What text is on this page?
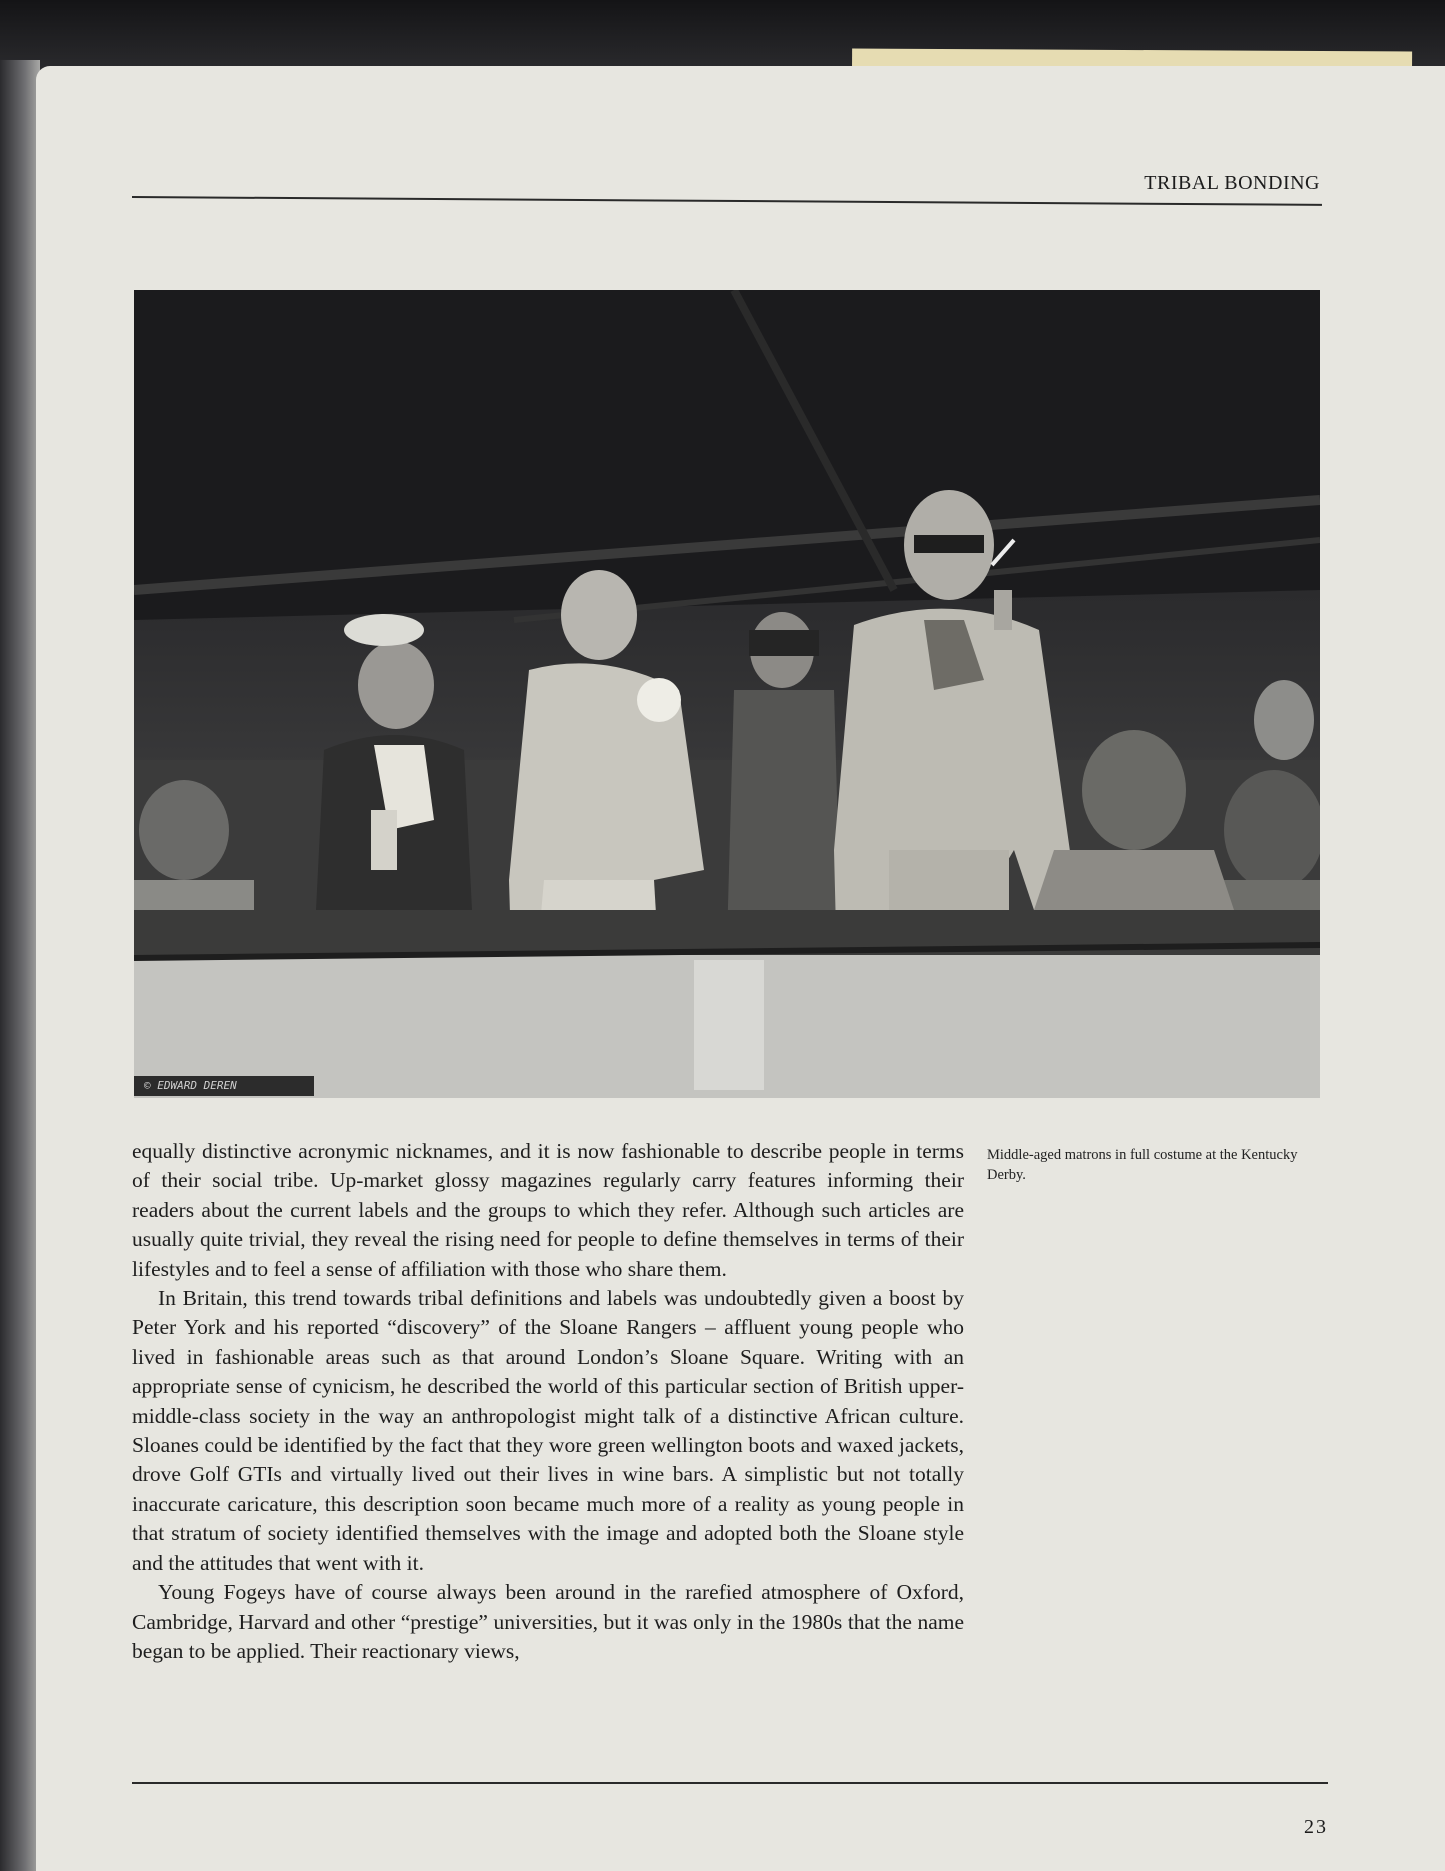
TRIBAL BONDING
© EDWARD DEREN

equally distinctive acronymic nicknames, and it is now fashionable to describe people in terms of their social tribe. Up-market glossy magazines regularly carry features informing their readers about the current labels and the groups to which they refer. Although such articles are usually quite trivial, they reveal the rising need for people to define themselves in terms of their lifestyles and to feel a sense of affiliation with those who share them.

In Britain, this trend towards tribal definitions and labels was undoubtedly given a boost by Peter York and his reported “discovery” of the Sloane Rangers – affluent young people who lived in fashionable areas such as that around London’s Sloane Square. Writing with an appropriate sense of cynicism, he described the world of this particular section of British upper-middle-class society in the way an anthropologist might talk of a distinctive African culture. Sloanes could be identified by the fact that they wore green wellington boots and waxed jackets, drove Golf GTIs and virtually lived out their lives in wine bars. A simplistic but not totally inaccurate caricature, this description soon became much more of a reality as young people in that stratum of society identified themselves with the image and adopted both the Sloane style and the attitudes that went with it.

Young Fogeys have of course always been around in the rarefied atmosphere of Oxford, Cambridge, Harvard and other “prestige” universities, but it was only in the 1980s that the name began to be applied. Their reactionary views,

Middle-aged matrons in full costume at the Kentucky Derby.
23
